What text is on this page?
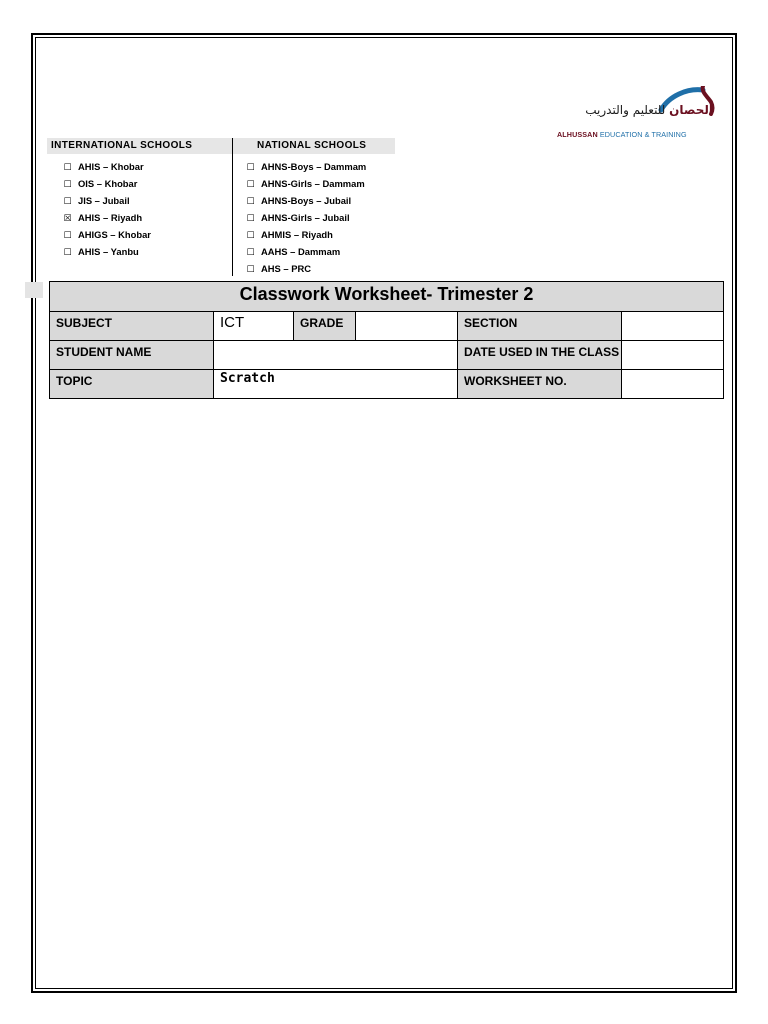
الحصان للتعليم والتدريب
ALHUSSAN EDUCATION & TRAINING
INTERNATIONAL SCHOOLS	NATIONAL SCHOOLS
☐ AHIS – Khobar
☐ OIS – Khobar
☐ JIS – Jubail
☒ AHIS – Riyadh
☐ AHIGS – Khobar
☐ AHIS – Yanbu
☐ AHNS-Boys – Dammam
☐ AHNS-Girls – Dammam
☐ AHNS-Boys – Jubail
☐ AHNS-Girls – Jubail
☐ AHMIS – Riyadh
☐ AAHS – Dammam
☐ AHS – PRC
Classwork Worksheet- Trimester 2					
SUBJECT	ICT	GRADE		SECTION	
STUDENT NAME				DATE USED IN THE CLASS	
TOPIC	Scratch			WORKSHEET NO.	
